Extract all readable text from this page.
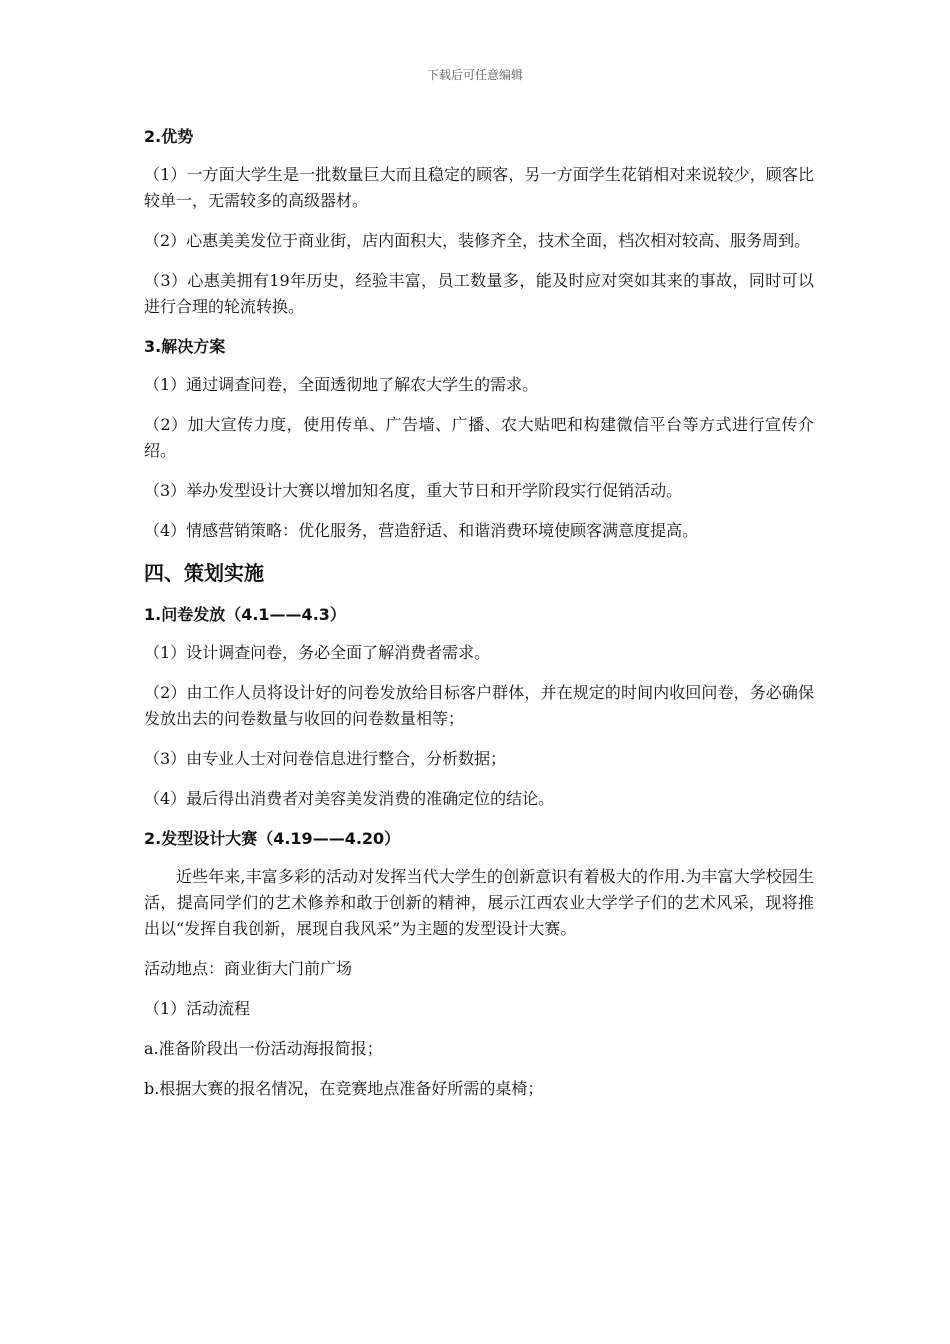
下载后可任意编辑
2.优势
（1）一方面大学生是一批数量巨大而且稳定的顾客，另一方面学生花销相对来说较少，顾客比较单一，无需较多的高级器材。
（2）心惠美美发位于商业街，店内面积大，装修齐全，技术全面，档次相对较高、服务周到。
（3）心惠美拥有19年历史，经验丰富，员工数量多，能及时应对突如其来的事故，同时可以进行合理的轮流转换。
3.解决方案
（1）通过调查问卷，全面透彻地了解农大学生的需求。
（2）加大宣传力度，使用传单、广告墙、广播、农大贴吧和构建微信平台等方式进行宣传介绍。
（3）举办发型设计大赛以增加知名度，重大节日和开学阶段实行促销活动。
（4）情感营销策略：优化服务，营造舒适、和谐消费环境使顾客满意度提高。
四、策划实施
1.问卷发放（4.1——4.3）
（1）设计调查问卷，务必全面了解消费者需求。
（2）由工作人员将设计好的问卷发放给目标客户群体，并在规定的时间内收回问卷，务必确保发放出去的问卷数量与收回的问卷数量相等；
（3）由专业人士对问卷信息进行整合，分析数据；
（4）最后得出消费者对美容美发消费的准确定位的结论。
2.发型设计大赛（4.19——4.20）
近些年来,丰富多彩的活动对发挥当代大学生的创新意识有着极大的作用.为丰富大学校园生活，提高同学们的艺术修养和敢于创新的精神，展示江西农业大学学子们的艺术风采，现将推出以“发挥自我创新，展现自我风采”为主题的发型设计大赛。
活动地点：商业街大门前广场
（1）活动流程
a.准备阶段出一份活动海报简报；
b.根据大赛的报名情况，在竞赛地点准备好所需的桌椅；
